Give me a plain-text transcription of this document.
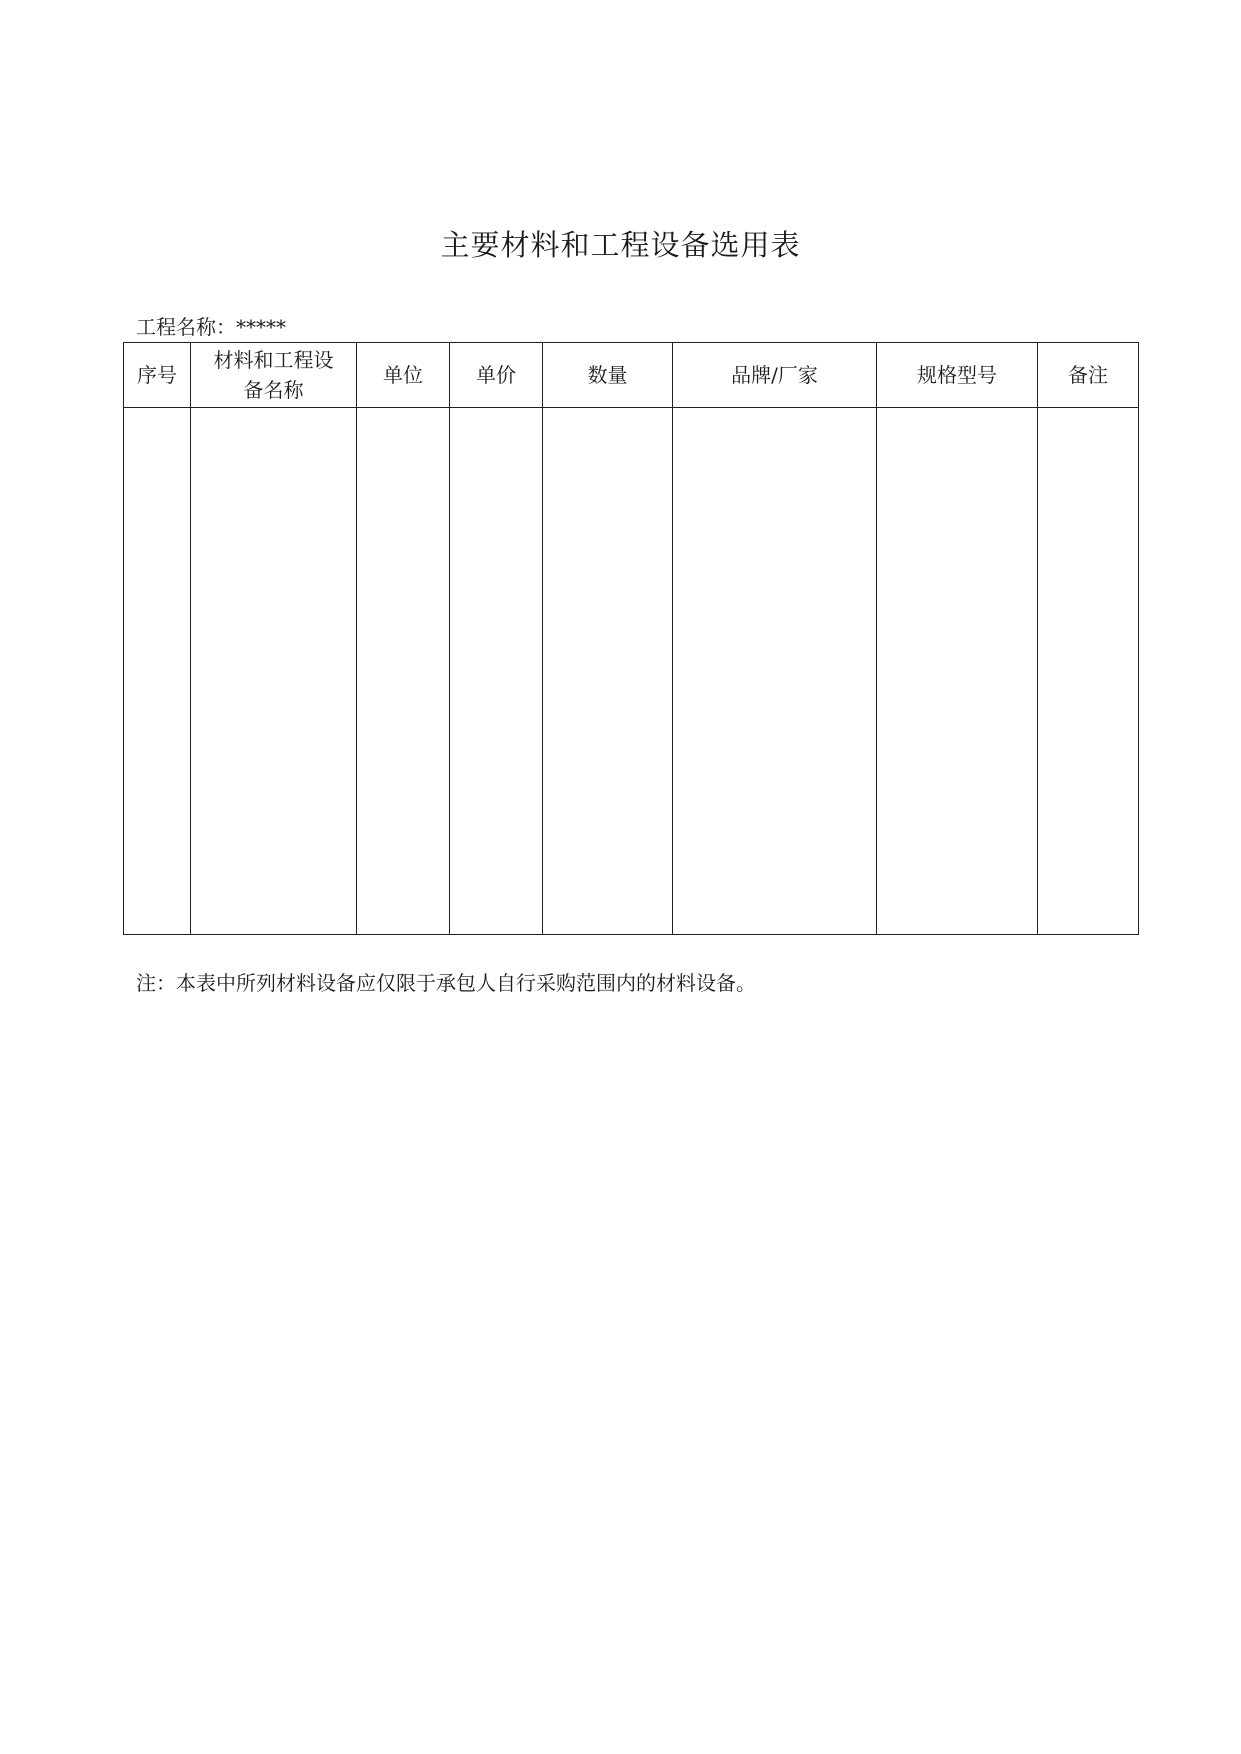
主要材料和工程设备选用表
工程名称：*****
序号	材料和工程设备名称	单位	单价	数量	品牌/厂家	规格型号	备注

注：本表中所列材料设备应仅限于承包人自行采购范围内的材料设备。
